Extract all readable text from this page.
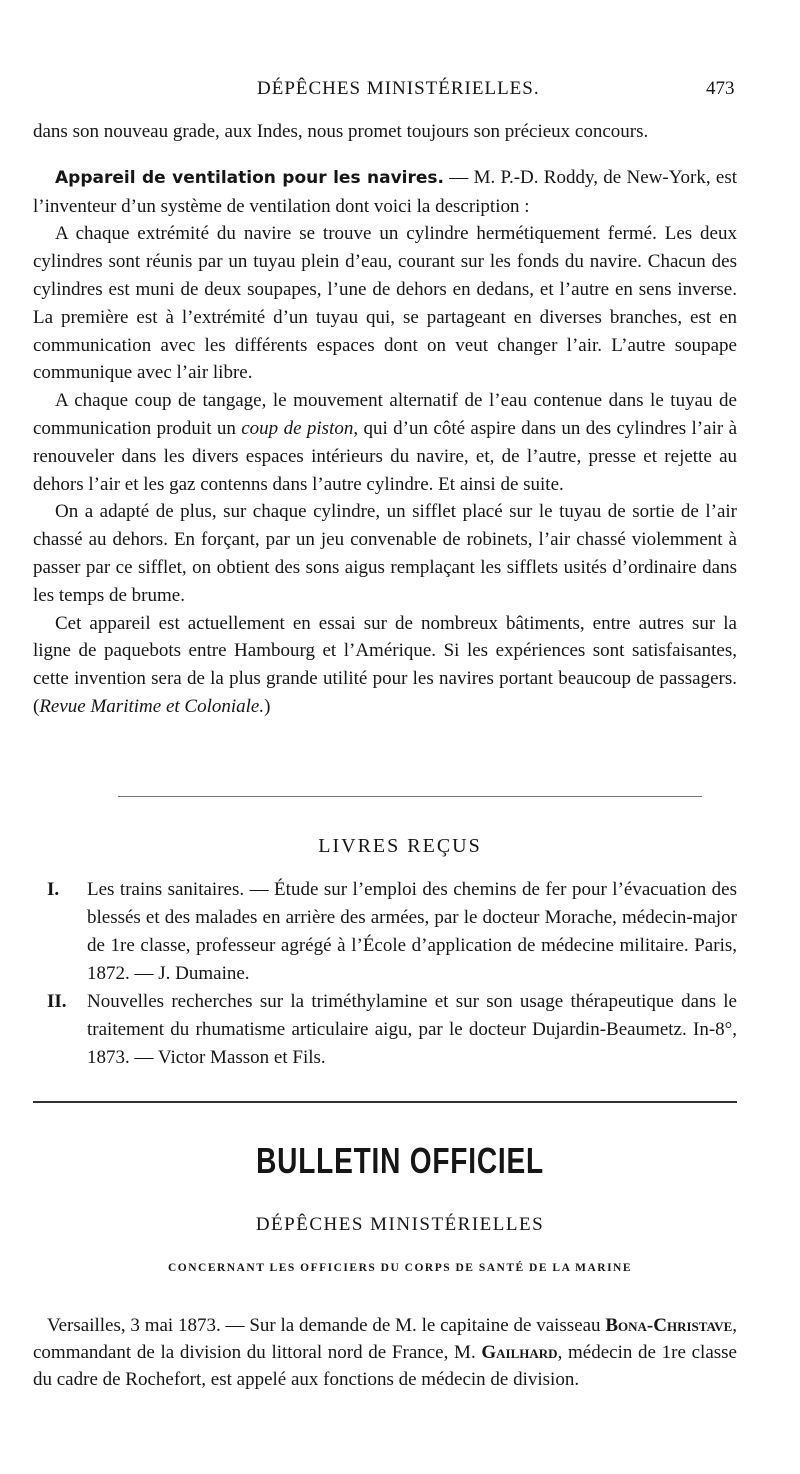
DÉPÊCHES MINISTÉRIELLES.	473

dans son nouveau grade, aux Indes, nous promet toujours son précieux concours.

Appareil de ventilation pour les navires. — M. P.-D. Roddy, de New-York, est l’inventeur d’un système de ventilation dont voici la description :

A chaque extrémité du navire se trouve un cylindre hermétiquement fermé. Les deux cylindres sont réunis par un tuyau plein d’eau, courant sur les fonds du navire. Chacun des cylindres est muni de deux soupapes, l’une de dehors en dedans, et l’autre en sens inverse. La première est à l’extrémité d’un tuyau qui, se partageant en diverses branches, est en communication avec les différents espaces dont on veut changer l’air. L’autre soupape communique avec l’air libre.

A chaque coup de tangage, le mouvement alternatif de l’eau contenue dans le tuyau de communication produit un coup de piston, qui d’un côté aspire dans un des cylindres l’air à renouveler dans les divers espaces intérieurs du navire, et, de l’autre, presse et rejette au dehors l’air et les gaz contenns dans l’autre cylindre. Et ainsi de suite.

On a adapté de plus, sur chaque cylindre, un sifflet placé sur le tuyau de sortie de l’air chassé au dehors. En forçant, par un jeu convenable de robinets, l’air chassé violemment à passer par ce sifflet, on obtient des sons aigus remplaçant les sifflets usités d’ordinaire dans les temps de brume.

Cet appareil est actuellement en essai sur de nombreux bâtiments, entre autres sur la ligne de paquebots entre Hambourg et l’Amérique. Si les expériences sont satisfaisantes, cette invention sera de la plus grande utilité pour les navires portant beaucoup de passagers. (Revue Maritime et Coloniale.)

LIVRES REÇUS
I. Les trains sanitaires. — Étude sur l’emploi des chemins de fer pour l’évacuation des blessés et des malades en arrière des armées, par le docteur Morache, médecin-major de 1re classe, professeur agrégé à l’École d’application de médecine militaire. Paris, 1872. — J. Dumaine.
II. Nouvelles recherches sur la triméthylamine et sur son usage thérapeutique dans le traitement du rhumatisme articulaire aigu, par le docteur Dujardin-Beaumetz. In-8°, 1873. — Victor Masson et Fils.
BULLETIN OFFICIEL
DÉPÊCHES MINISTÉRIELLES
CONCERNANT LES OFFICIERS DU CORPS DE SANTÉ DE LA MARINE

Versailles, 3 mai 1873. — Sur la demande de M. le capitaine de vaisseau Bona-Christave, commandant de la division du littoral nord de France, M. Gailhard, médecin de 1re classe du cadre de Rochefort, est appelé aux fonctions de médecin de division.
